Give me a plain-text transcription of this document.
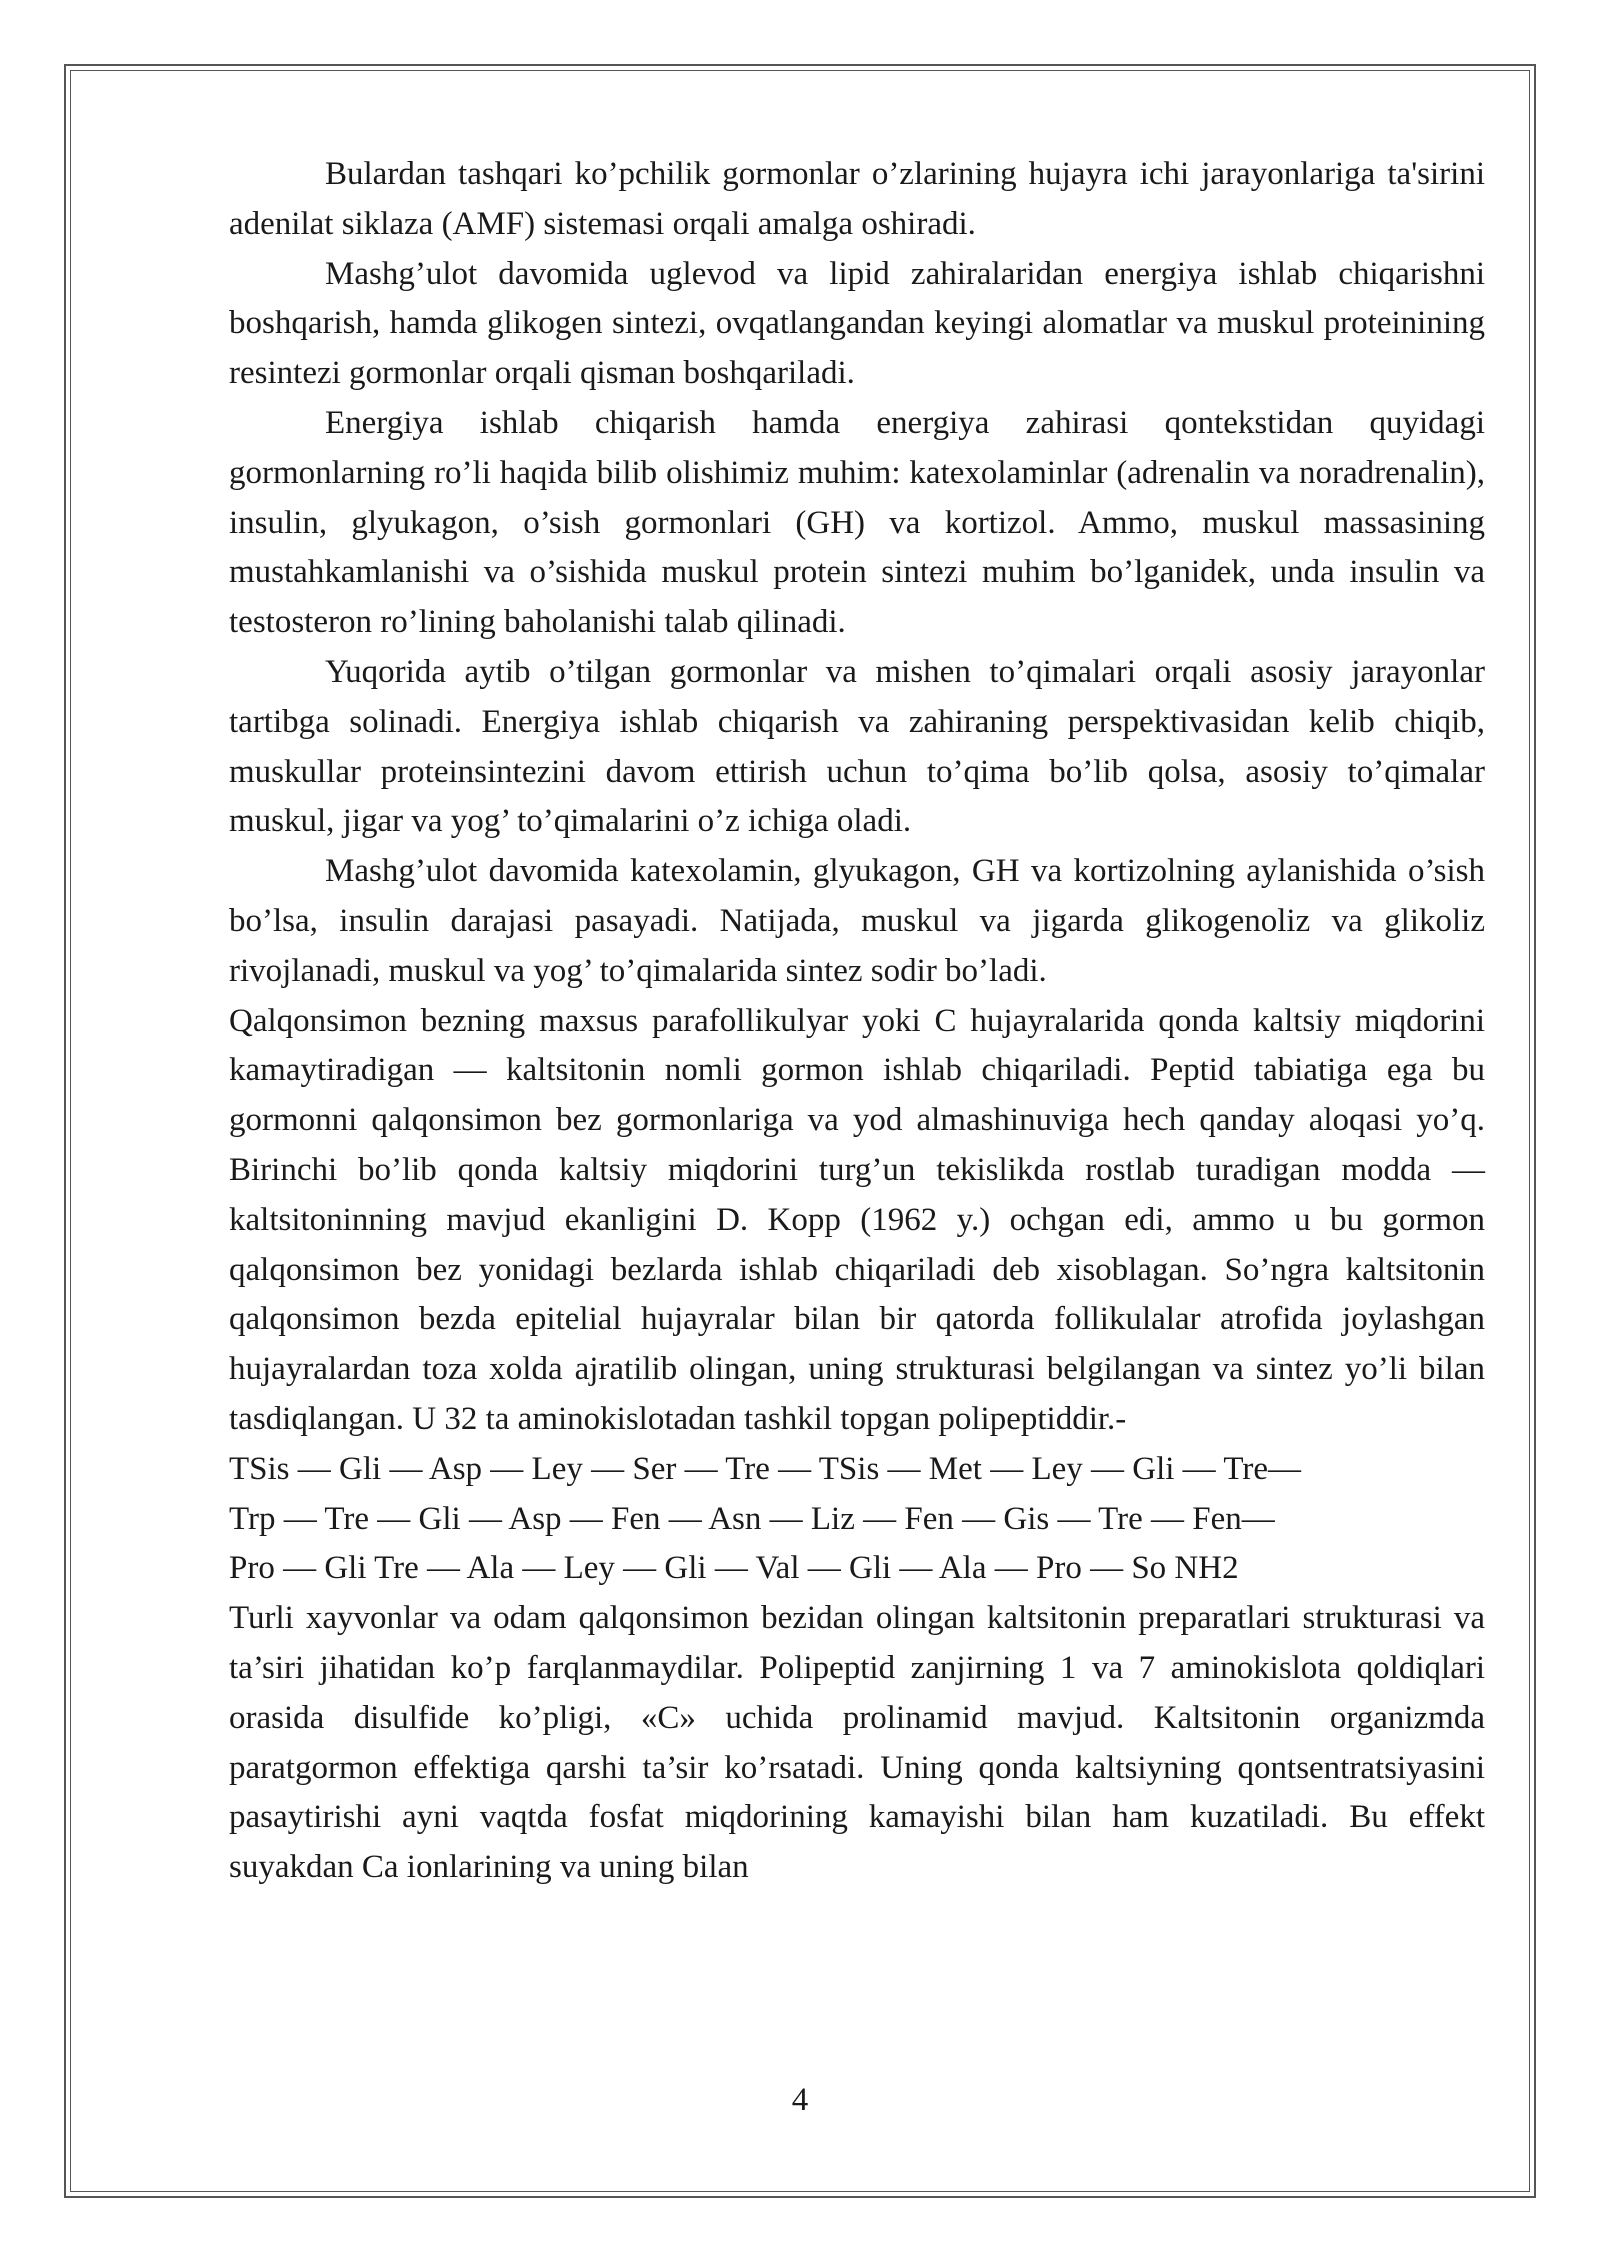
Bulardan tashqari ko’pchilik gormonlar o’zlarining hujayra ichi jarayonlariga ta'sirini adenilat siklaza (AMF) sistemasi orqali amalga oshiradi.

Mashg’ulot davomida uglevod va lipid zahiralaridan energiya ishlab chiqarishni boshqarish, hamda glikogen sintezi, ovqatlangandan keyingi alomatlar va muskul proteinining resintezi gormonlar orqali qisman boshqariladi.

Energiya ishlab chiqarish hamda energiya zahirasi qontekstidan quyidagi gormonlarning ro’li haqida bilib olishimiz muhim: katexolaminlar (adrenalin va noradrenalin), insulin, glyukagon, o’sish gormonlari (GH) va kortizol. Ammo, muskul massasining mustahkamlanishi va o’sishida muskul protein sintezi muhim bo’lganidek, unda insulin va testosteron ro’lining baholanishi talab qilinadi.

Yuqorida aytib o’tilgan gormonlar va mishen to’qimalari orqali asosiy jarayonlar tartibga solinadi. Energiya ishlab chiqarish va zahiraning perspektivasidan kelib chiqib, muskullar proteinsintezini davom ettirish uchun to’qima bo’lib qolsa, asosiy to’qimalar muskul, jigar va yog’ to’qimalarini o’z ichiga oladi.

Mashg’ulot davomida katexolamin, glyukagon, GH va kortizolning aylanishida o’sish bo’lsa, insulin darajasi pasayadi. Natijada, muskul va jigarda glikogenoliz va glikoliz rivojlanadi, muskul va yog’ to’qimalarida sintez sodir bo’ladi.

Qalqonsimon bezning maxsus parafollikulyar yoki C hujayralarida qonda kaltsiy miqdorini kamaytiradigan — kaltsitonin nomli gormon ishlab chiqariladi. Peptid tabiatiga ega bu gormonni qalqonsimon bez gormonlariga va yod almashinuviga hech qanday aloqasi yo’q. Birinchi bo’lib qonda kaltsiy miqdorini turg’un tekislikda rostlab turadigan modda — kaltsitoninning mavjud ekanligini D. Kopp (1962 y.) ochgan edi, ammo u bu gormon qalqonsimon bez yonidagi bezlarda ishlab chiqariladi deb xisoblagan. So’ngra kaltsitonin qalqonsimon bezda epitelial hujayralar bilan bir qatorda follikulalar atrofida joylashgan hujayralardan toza xolda ajratilib olingan, uning strukturasi belgilangan va sintez yo’li bilan tasdiqlangan. U 32 ta aminokislotadan tashkil topgan polipeptiddir.-

TSis — Gli — Asp — Ley — Ser — Tre — TSis — Met — Ley — Gli — Tre—

Trp — Tre — Gli — Asp — Fen — Asn — Liz — Fen — Gis — Tre — Fen—

Pro — Gli Tre — Ala — Ley — Gli — Val — Gli — Ala — Pro — So NH2

Turli xayvonlar va odam qalqonsimon bezidan olingan kaltsitonin preparatlari strukturasi va ta’siri jihatidan ko’p farqlanmaydilar. Polipeptid zanjirning 1 va 7 aminokislota qoldiqlari orasida disulfide ko’pligi, «C» uchida prolinamid mavjud. Kaltsitonin organizmda paratgormon effektiga qarshi ta’sir ko’rsatadi. Uning qonda kaltsiyning qontsentratsiyasini pasaytirishi ayni vaqtda fosfat miqdorining kamayishi bilan ham kuzatiladi. Bu effekt suyakdan Ca ionlarining va uning bilan

4
